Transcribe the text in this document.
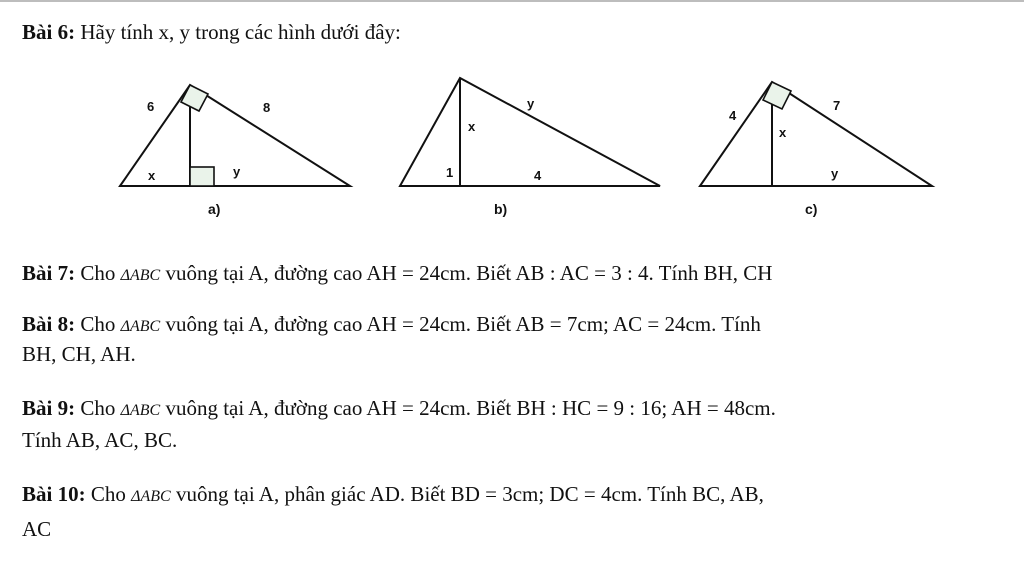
Bài 6: Hãy tính x, y trong các hình dưới đây:
6	8
x	y
a)
y
x
1	4
b)
4
7
x
y
c)
Bài 7: Cho ΔABC vuông tại A, đường cao AH = 24cm. Biết AB : AC = 3 : 4. Tính BH, CH
Bài 8: Cho ΔABC vuông tại A, đường cao AH = 24cm. Biết AB = 7cm; AC = 24cm. Tính
BH, CH, AH.
Bài 9: Cho ΔABC vuông tại A, đường cao AH = 24cm. Biết BH : HC = 9 : 16; AH = 48cm.
Tính AB, AC, BC.
Bài 10: Cho ΔABC vuông tại A, phân giác AD. Biết BD = 3cm; DC = 4cm. Tính BC, AB,
AC
